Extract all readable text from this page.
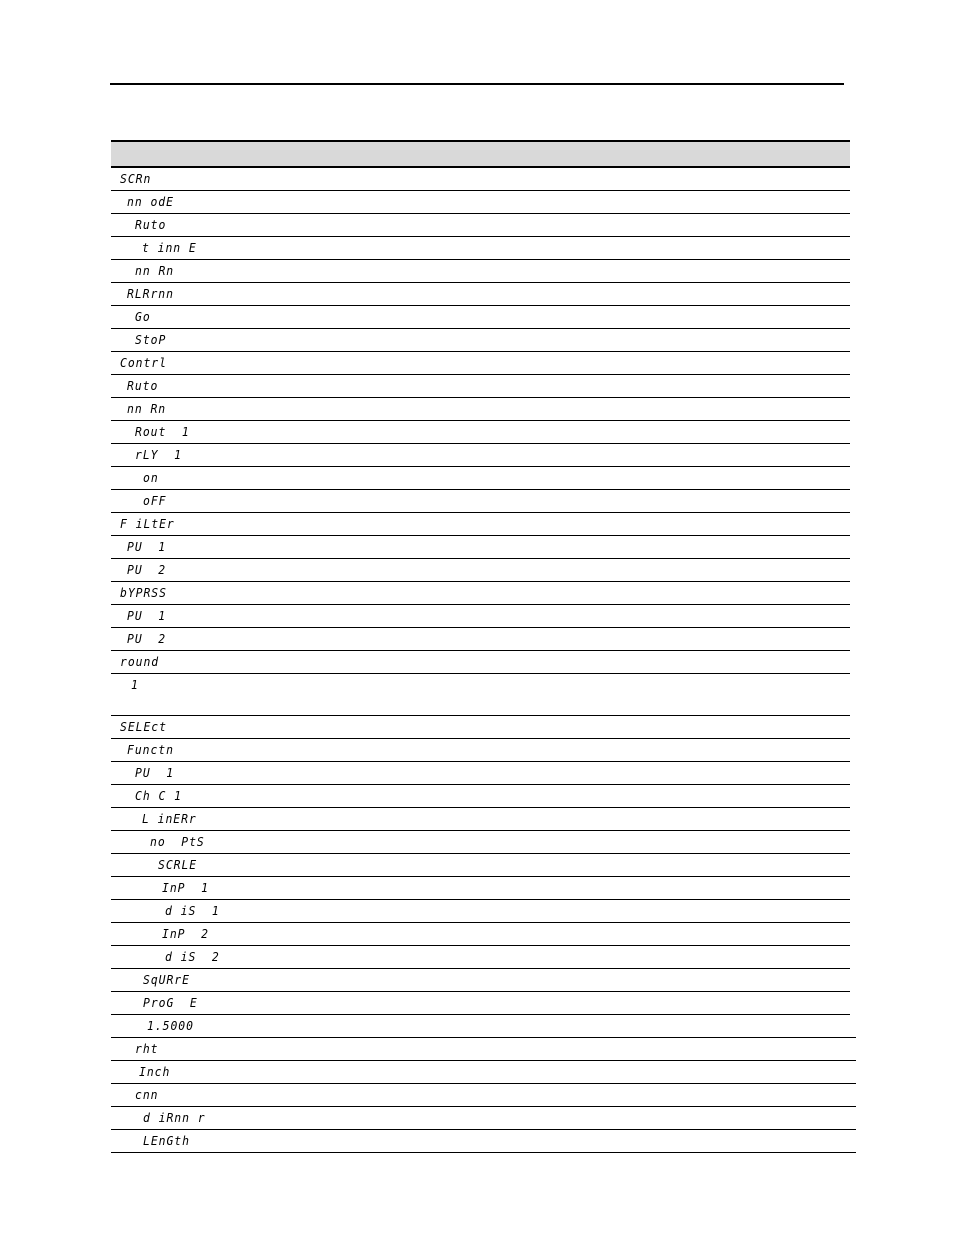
SCRn
nn odE
Ruto
t inn E
nn Rn
RLRrnn
Go
StoP
Contrl
Ruto
nn Rn
Rout  1
rLY  1
on
oFF
F iLtEr
PU  1
PU  2
bYPRSS
PU  1
PU  2
round
1
SELEct
Functn
PU  1
Ch C 1
L inERr
no  PtS
SCRLE
InP  1
d iS  1
InP  2
d iS  2
SqURrE
ProG  E
1.5000
rht
Inch
cnn
d iRnn r
LEnGth
